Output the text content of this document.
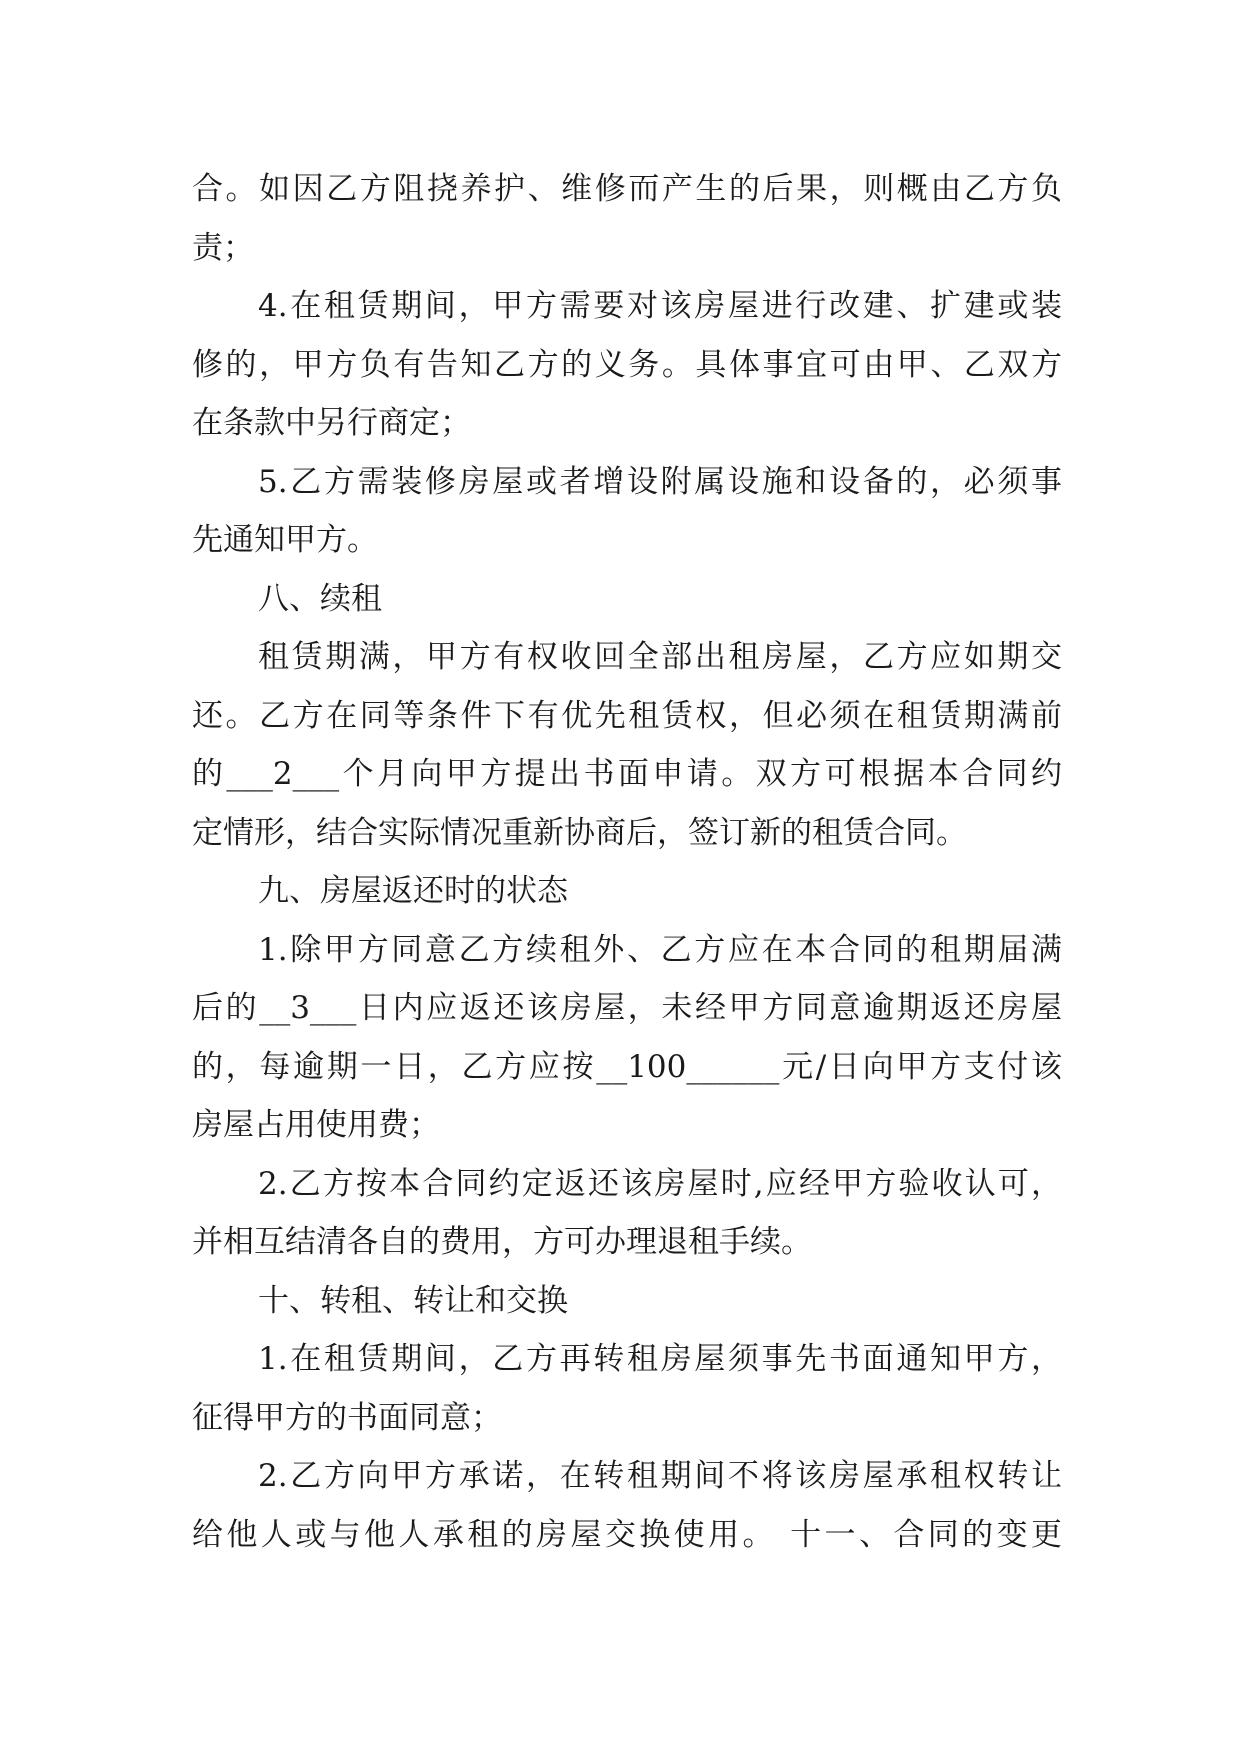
合。如因乙方阻挠养护、维修而产生的后果，则概由乙方负
责；
4.在租赁期间，甲方需要对该房屋进行改建、扩建或装
修的，甲方负有告知乙方的义务。具体事宜可由甲、乙双方
在条款中另行商定；
5.乙方需装修房屋或者增设附属设施和设备的，必须事
先通知甲方。
八、续租
租赁期满，甲方有权收回全部出租房屋，乙方应如期交
还。乙方在同等条件下有优先租赁权，但必须在租赁期满前
的___2___个月向甲方提出书面申请。双方可根据本合同约
定情形，结合实际情况重新协商后，签订新的租赁合同。
九、房屋返还时的状态
1.除甲方同意乙方续租外、乙方应在本合同的租期届满
后的__3___日内应返还该房屋，未经甲方同意逾期返还房屋
的，每逾期一日，乙方应按__100______元/日向甲方支付该
房屋占用使用费；
2.乙方按本合同约定返还该房屋时,应经甲方验收认可，
并相互结清各自的费用，方可办理退租手续。
十、转租、转让和交换
1.在租赁期间，乙方再转租房屋须事先书面通知甲方，
征得甲方的书面同意；
2.乙方向甲方承诺，在转租期间不将该房屋承租权转让
给他人或与他人承租的房屋交换使用。 十一、合同的变更
